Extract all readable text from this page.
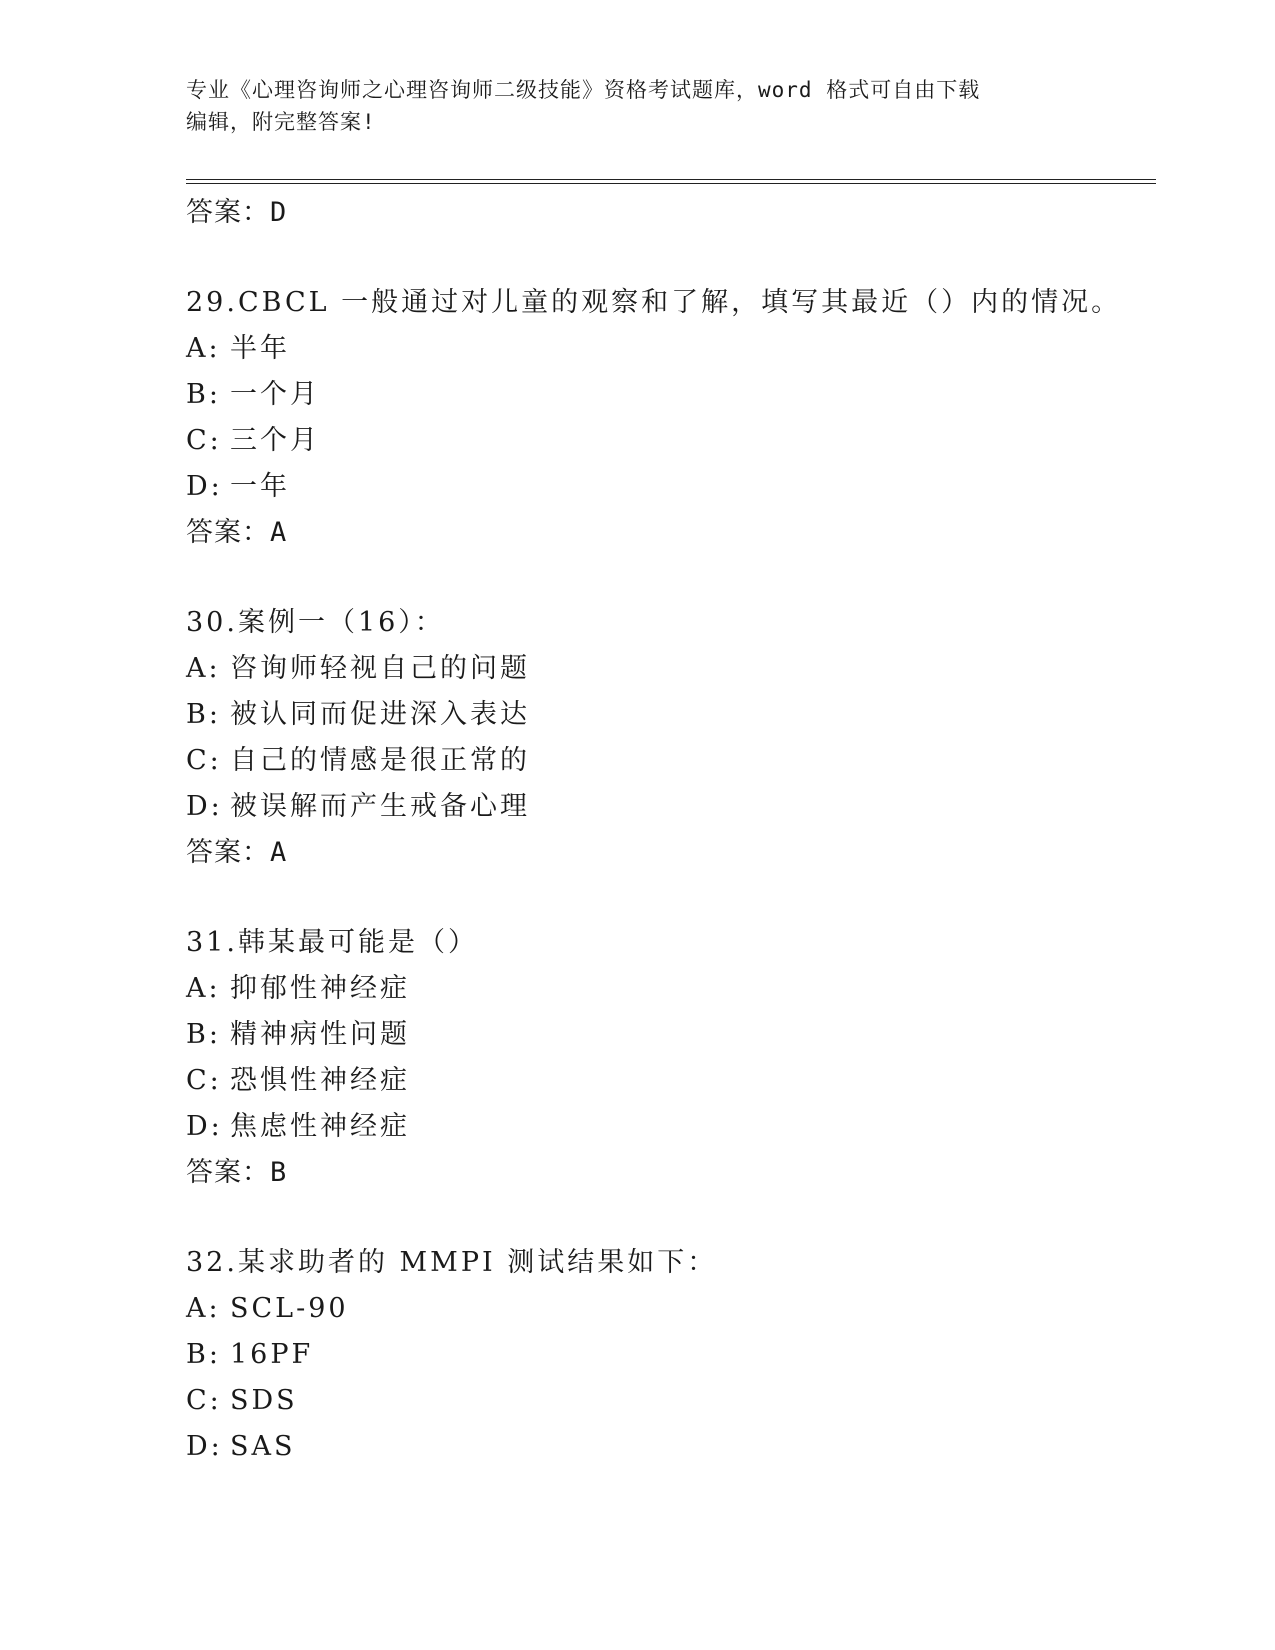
专业《心理咨询师之心理咨询师二级技能》资格考试题库，word 格式可自由下载
编辑，附完整答案!
答案：D
29.CBCL 一般通过对儿童的观察和了解，填写其最近（）内的情况。
A: 半年
B: 一个月
C: 三个月
D: 一年
答案：A
30.案例一（16）：
A: 咨询师轻视自己的问题
B: 被认同而促进深入表达
C: 自己的情感是很正常的
D: 被误解而产生戒备心理
答案：A
31.韩某最可能是（）
A: 抑郁性神经症
B: 精神病性问题
C: 恐惧性神经症
D: 焦虑性神经症
答案：B
32.某求助者的 MMPI 测试结果如下：
A: SCL-90
B: 16PF
C: SDS
D: SAS
